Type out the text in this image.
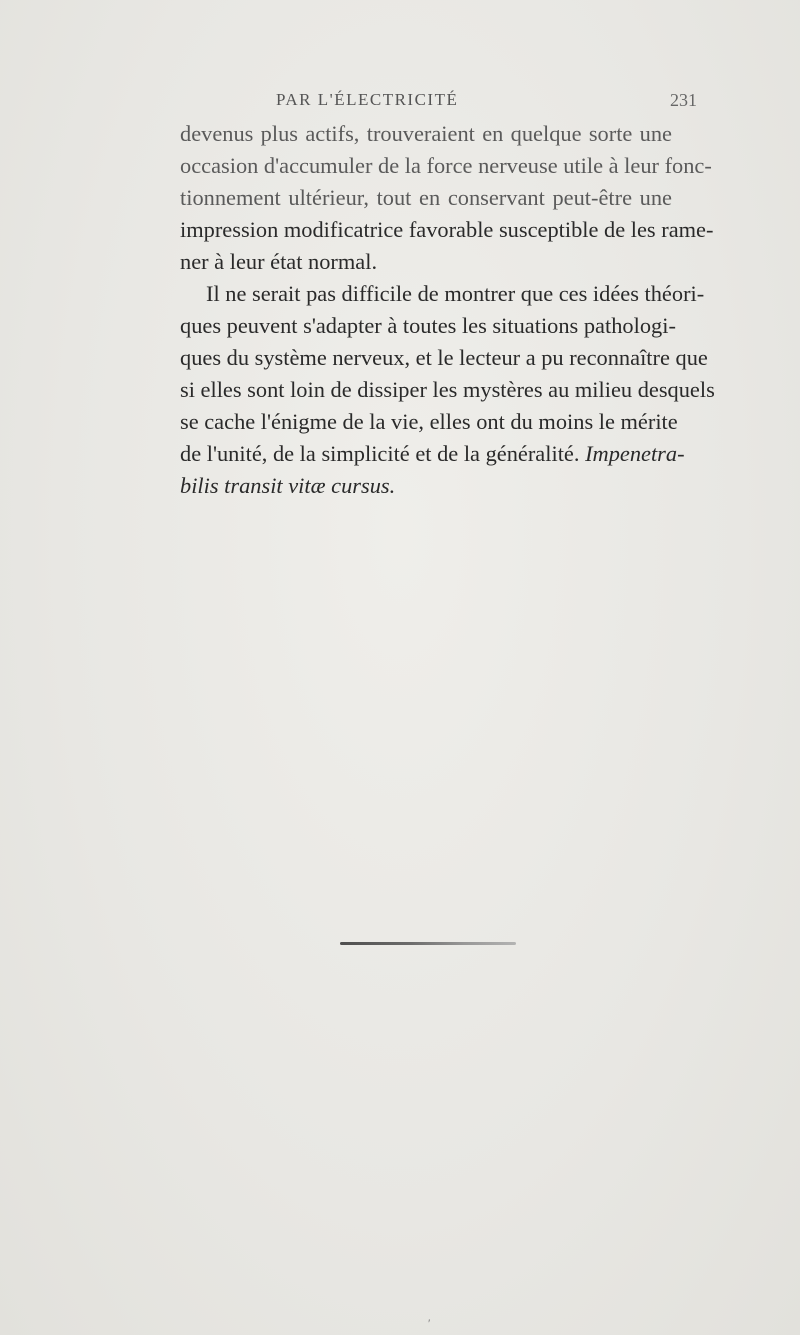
PAR L'ÉLECTRICITÉ	231
devenus plus actifs, trouveraient en quelque sorte une
occasion d'accumuler de la force nerveuse utile à leur fonc-
tionnement ultérieur, tout en conservant peut-être une
impression modificatrice favorable susceptible de les rame-
ner à leur état normal.
Il ne serait pas difficile de montrer que ces idées théori-
ques peuvent s'adapter à toutes les situations pathologi-
ques du système nerveux, et le lecteur a pu reconnaître que
si elles sont loin de dissiper les mystères au milieu desquels
se cache l'énigme de la vie, elles ont du moins le mérite
de l'unité, de la simplicité et de la généralité. Impenetra-
bilis transit vitæ cursus.
′
